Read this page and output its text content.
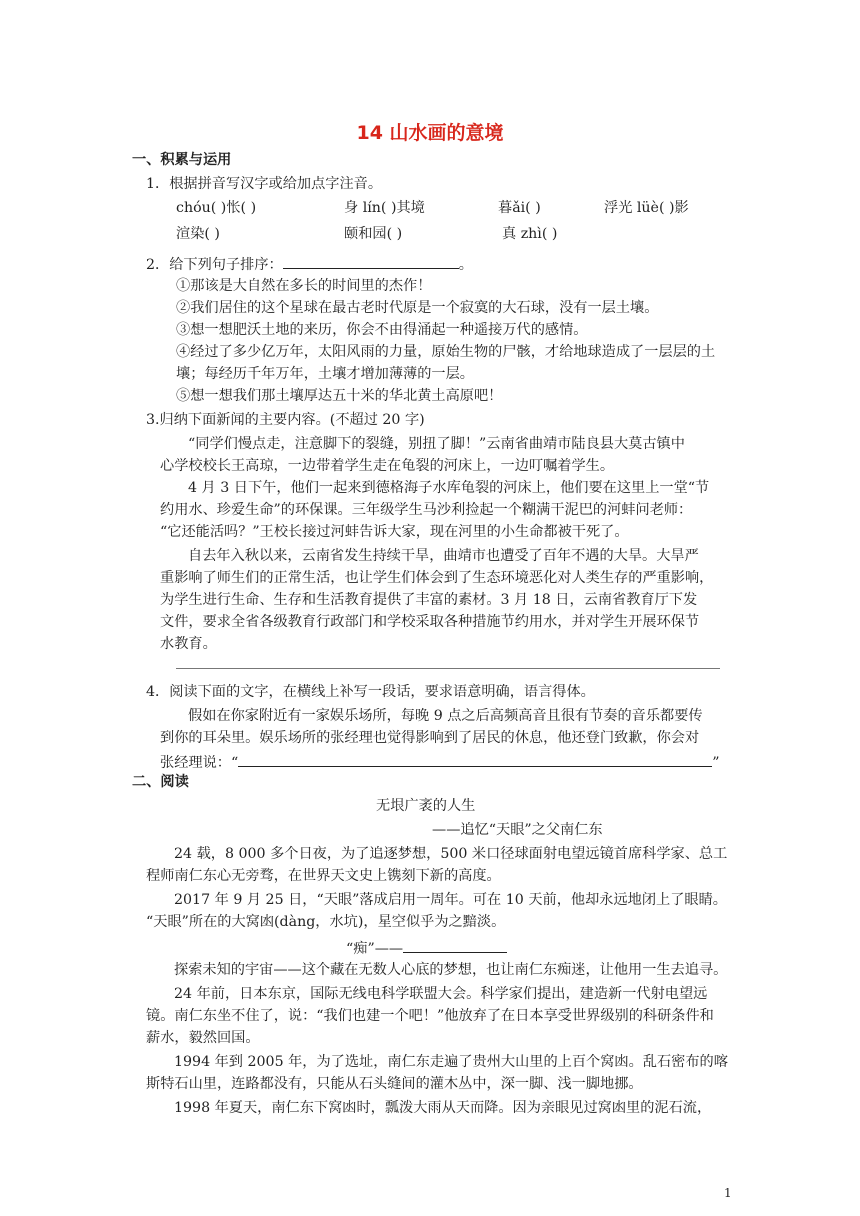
14 山水画的意境
一、积累与运用
1．根据拼音写汉字或给加点字注音。
chóu( )怅( )	身 lín( )其境	暮ǎi( )	浮光 lüè( )影
渲染( )	颐和园( )	真 zhì( )
2．给下列句子排序：	。
①那该是大自然在多长的时间里的杰作！
②我们居住的这个星球在最古老时代原是一个寂寞的大石球，没有一层土壤。
③想一想肥沃土地的来历，你会不由得涌起一种遥接万代的感情。
④经过了多少亿万年，太阳风雨的力量，原始生物的尸骸，才给地球造成了一层层的土
壤；每经历千年万年，土壤才增加薄薄的一层。
⑤想一想我们那土壤厚达五十米的华北黄土高原吧！
3.归纳下面新闻的主要内容。(不超过 20 字)
“同学们慢点走，注意脚下的裂缝，别扭了脚！”云南省曲靖市陆良县大莫古镇中
心学校校长王高琼，一边带着学生走在龟裂的河床上，一边叮嘱着学生。
4 月 3 日下午，他们一起来到德格海子水库龟裂的河床上，他们要在这里上一堂“节
约用水、珍爱生命”的环保课。三年级学生马沙利捡起一个糊满干泥巴的河蚌问老师：
“它还能活吗？”王校长接过河蚌告诉大家，现在河里的小生命都被干死了。
自去年入秋以来，云南省发生持续干旱，曲靖市也遭受了百年不遇的大旱。大旱严
重影响了师生们的正常生活，也让学生们体会到了生态环境恶化对人类生存的严重影响，
为学生进行生命、生存和生活教育提供了丰富的素材。3 月 18 日，云南省教育厅下发
文件，要求全省各级教育行政部门和学校采取各种措施节约用水，并对学生开展环保节
水教育。
4．阅读下面的文字，在横线上补写一段话，要求语意明确，语言得体。
假如在你家附近有一家娱乐场所，每晚 9 点之后高频高音且很有节奏的音乐都要传
到你的耳朵里。娱乐场所的张经理也觉得影响到了居民的休息，他还登门致歉，你会对
张经理说：“	”
二、阅读
无垠广袤的人生
——追忆“天眼”之父南仁东
24 载，8 000 多个日夜，为了追逐梦想，500 米口径球面射电望远镜首席科学家、总工
程师南仁东心无旁骛，在世界天文史上镌刻下新的高度。
2017 年 9 月 25 日，“天眼”落成启用一周年。可在 10 天前，他却永远地闭上了眼睛。
“天眼”所在的大窝凼(dàng，水坑)，星空似乎为之黯淡。
“痴”——
探索未知的宇宙——这个藏在无数人心底的梦想，也让南仁东痴迷，让他用一生去追寻。
24 年前，日本东京，国际无线电科学联盟大会。科学家们提出，建造新一代射电望远
镜。南仁东坐不住了，说：“我们也建一个吧！”他放弃了在日本享受世界级别的科研条件和
薪水，毅然回国。
1994 年到 2005 年，为了选址，南仁东走遍了贵州大山里的上百个窝凼。乱石密布的喀
斯特石山里，连路都没有，只能从石头缝间的灌木丛中，深一脚、浅一脚地挪。
1998 年夏天，南仁东下窝凼时，瓢泼大雨从天而降。因为亲眼见过窝凼里的泥石流，
1
